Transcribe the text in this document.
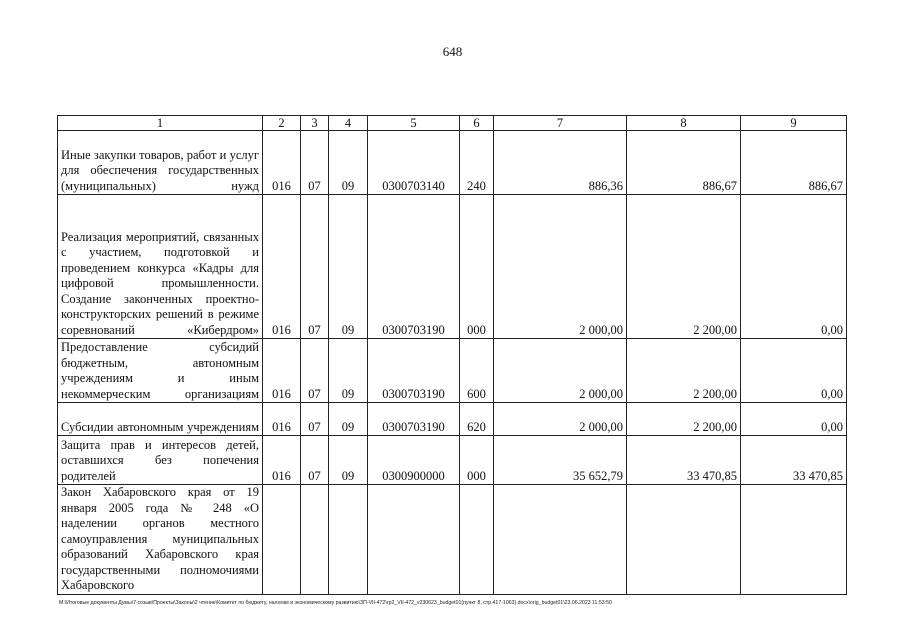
648
1	2	3	4	5	6	7	8	9
Иные закупки товаров, работ и услуг для обеспечения государственных (муниципальных) нужд	016	07	09	0300703140	240	886,36	886,67	886,67
Реализация мероприятий, связанных с участием, подготовкой и проведением конкурса «Кадры для цифровой промышленности. Создание законченных проектно-конструкторских решений в режиме соревнований «Кибердром»	016	07	09	0300703190	000	2 000,00	2 200,00	0,00
Предоставление субсидий бюджетным, автономным учреждениям и иным некоммерческим организациям	016	07	09	0300703190	600	2 000,00	2 200,00	0,00
Субсидии автономным учреждениям	016	07	09	0300703190	620	2 000,00	2 200,00	0,00
Защита прав и интересов детей, оставшихся без попечения родителей	016	07	09	0300900000	000	35 652,79	33 470,85	33 470,85
Закон Хабаровского края от 19 января 2005 года № 248 «О наделении органов местного самоуправления муниципальных образований Хабаровского края государственными полномочиями Хабаровского								
M:\Итоговые документы Думы\7 созыв\Проекты\Законы\2 чтение\Комитет по бюджету, налогам и экономическому развитию\ЗП-VII-472\гр2_VII-472_v230623_budget01(пункт 8, стр.417-1063).docx\orig_budget01\23.06.2023 11:53:50
